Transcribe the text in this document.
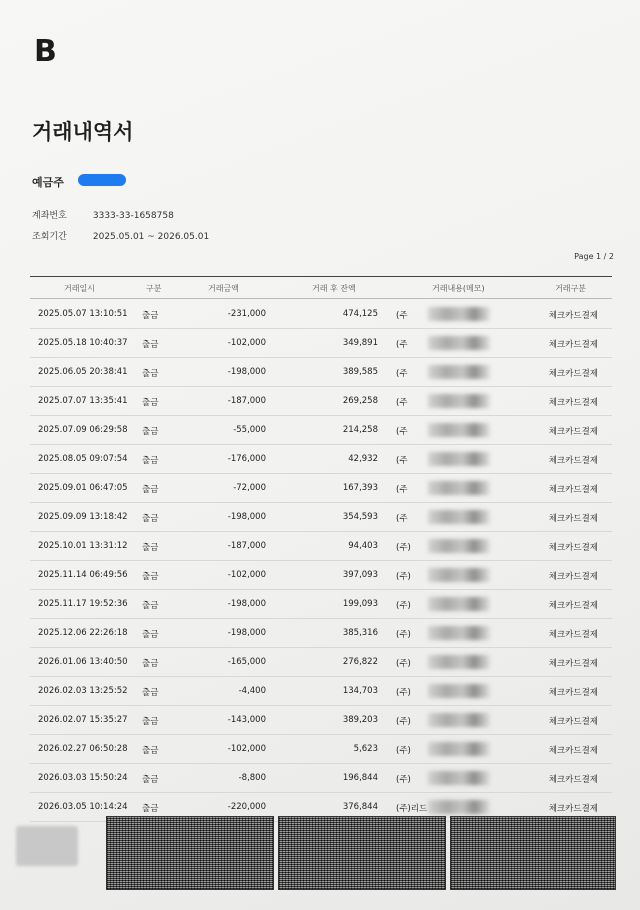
B
거래내역서
예금주
계좌번호	3333-33-1658758
조회기간	2025.05.01 ~ 2026.05.01
Page 1 / 2
거래일시	구분	거래금액	거래 후 잔액	거래내용(메모)	거래구분
2025.05.07 13:10:51 출금	-231,000	474,125 (주	체크카드결제
2025.05.18 10:40:37 출금	-102,000	349,891 (주	체크카드결제
2025.06.05 20:38:41 출금	-198,000	389,585 (주	체크카드결제
2025.07.07 13:35:41 출금	-187,000	269,258 (주	체크카드결제
2025.07.09 06:29:58 출금	-55,000	214,258 (주	체크카드결제
2025.08.05 09:07:54 출금	-176,000	42,932 (주	체크카드결제
2025.09.01 06:47:05 출금	-72,000	167,393 (주	체크카드결제
2025.09.09 13:18:42 출금	-198,000	354,593 (주	체크카드결제
2025.10.01 13:31:12 출금	-187,000	94,403 (주)	체크카드결제
2025.11.14 06:49:56 출금	-102,000	397,093 (주)	체크카드결제
2025.11.17 19:52:36 출금	-198,000	199,093 (주)	체크카드결제
2025.12.06 22:26:18 출금	-198,000	385,316 (주)	체크카드결제
2026.01.06 13:40:50 출금	-165,000	276,822 (주)	체크카드결제
2026.02.03 13:25:52 출금	-4,400	134,703 (주)	체크카드결제
2026.02.07 15:35:27 출금	-143,000	389,203 (주)	체크카드결제
2026.02.27 06:50:28 출금	-102,000	5,623 (주)	체크카드결제
2026.03.03 15:50:24 출금	-8,800	196,844 (주)	체크카드결제
2026.03.05 10:14:24 출금	-220,000	376,844 (주)리드	체크카드결제
